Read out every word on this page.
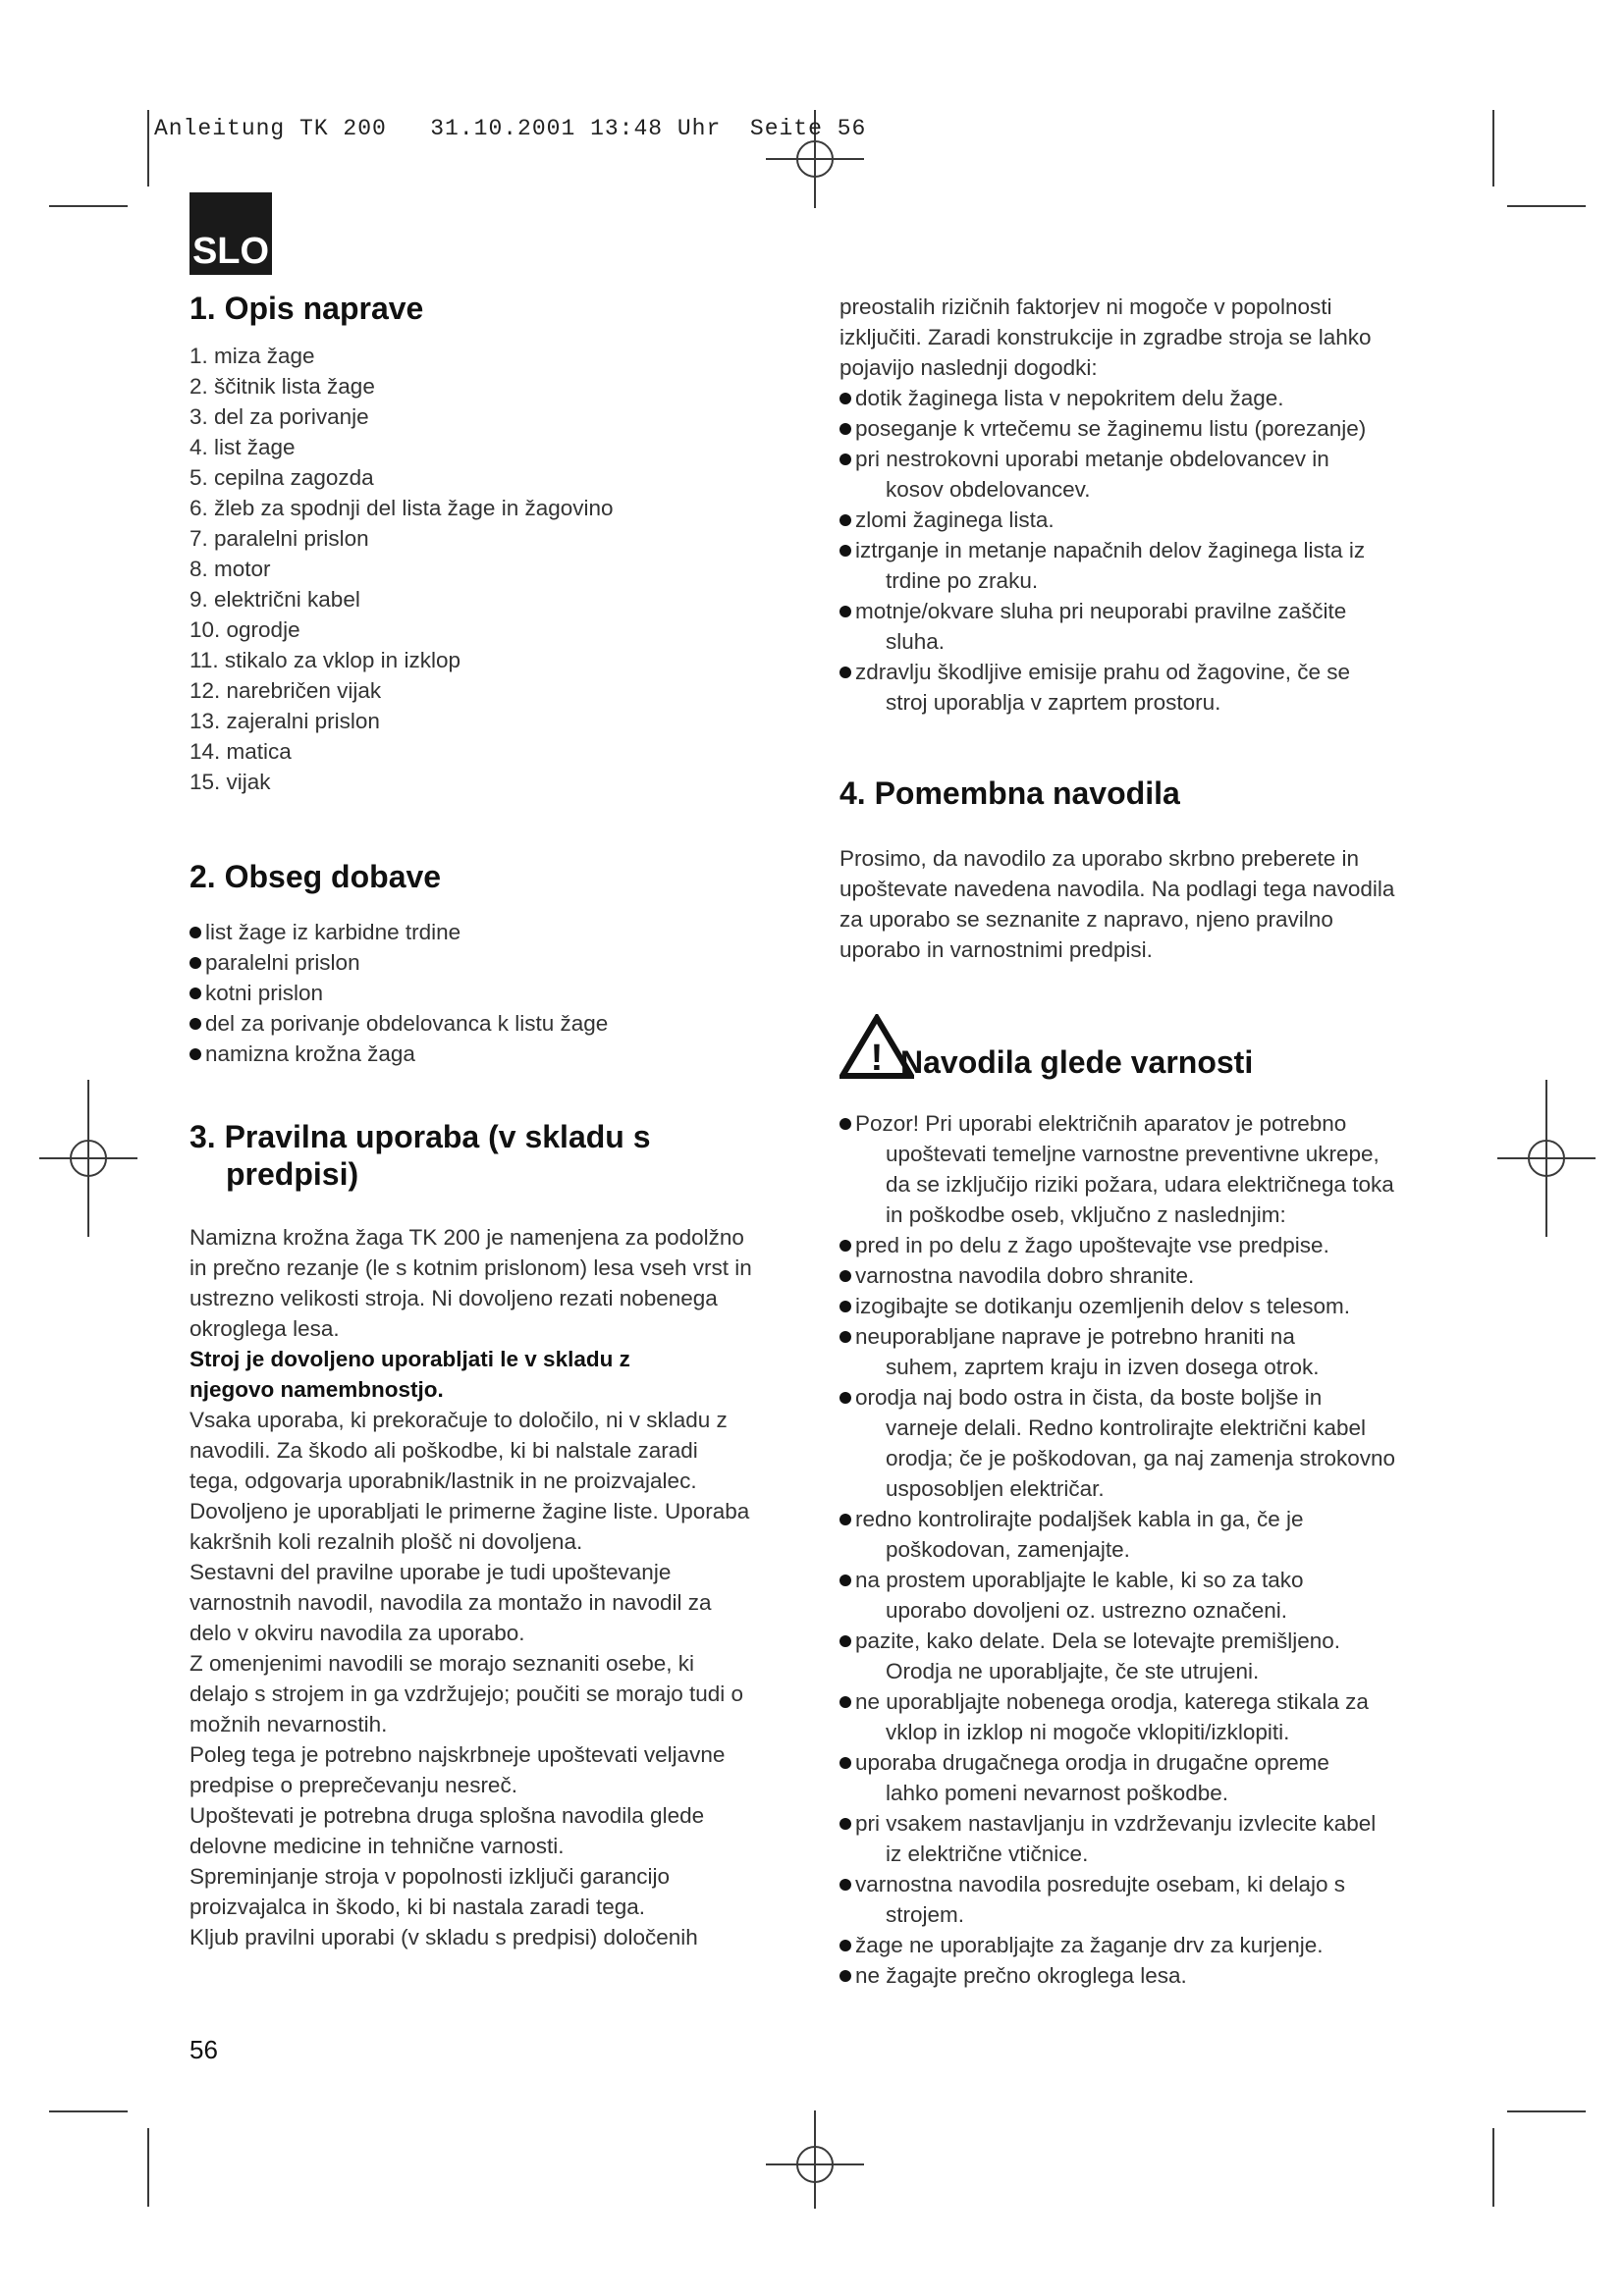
Anleitung TK 200   31.10.2001 13:48 Uhr  Seite 56
SLO
1. Opis naprave
1. miza žage
2. ščitnik lista žage
3. del za porivanje
4. list žage
5. cepilna zagozda
6. žleb za spodnji del lista žage in žagovino
7. paralelni prislon
8. motor
9. električni kabel
10. ogrodje
11. stikalo za vklop in izklop
12. narebričen vijak
13. zajeralni prislon
14. matica
15. vijak
2. Obseg dobave
list žage iz karbidne trdine
paralelni prislon
kotni prislon
del za porivanje obdelovanca k listu žage
namizna krožna žaga
3. Pravilna uporaba (v skladu s
predpisi)
Namizna krožna žaga TK 200 je namenjena za podolžno
in prečno rezanje (le s kotnim prislonom) lesa vseh vrst in
ustrezno velikosti stroja. Ni dovoljeno rezati nobenega
okroglega lesa.
Stroj je dovoljeno uporabljati le v skladu z
njegovo namembnostjo.
Vsaka uporaba, ki prekoračuje to določilo, ni v skladu z
navodili. Za škodo ali poškodbe, ki bi nalstale zaradi
tega, odgovarja uporabnik/lastnik in ne proizvajalec.
Dovoljeno je uporabljati le primerne žagine liste. Uporaba
kakršnih koli rezalnih plošč ni dovoljena.
Sestavni del pravilne uporabe je tudi upoštevanje
varnostnih navodil, navodila za montažo in navodil za
delo v okviru navodila za uporabo.
Z omenjenimi navodili se morajo seznaniti osebe, ki
delajo s strojem in ga vzdržujejo; poučiti se morajo tudi o
možnih nevarnostih.
Poleg tega je potrebno najskrbneje upoštevati veljavne
predpise o preprečevanju nesreč.
Upoštevati je potrebna druga splošna navodila glede
delovne medicine in tehnične varnosti.
Spreminjanje stroja v popolnosti izključi garancijo
proizvajalca in škodo, ki bi nastala zaradi tega.
Kljub pravilni uporabi (v skladu s predpisi) določenih
preostalih rizičnih faktorjev ni mogoče v popolnosti
izključiti. Zaradi konstrukcije in zgradbe stroja se lahko
pojavijo naslednji dogodki:
dotik žaginega lista v nepokritem delu žage.
poseganje k vrtečemu se žaginemu listu (porezanje)
pri nestrokovni uporabi metanje obdelovancev in
kosov obdelovancev.
zlomi žaginega lista.
iztrganje in metanje napačnih delov žaginega lista iz
trdine po zraku.
motnje/okvare sluha pri neuporabi pravilne zaščite
sluha.
zdravlju škodljive emisije prahu od žagovine, če se
stroj uporablja v zaprtem prostoru.
4. Pomembna navodila
Prosimo, da navodilo za uporabo skrbno preberete in
upoštevate navedena navodila. Na podlagi tega navodila
za uporabo se seznanite z napravo, njeno pravilno
uporabo in varnostnimi predpisi.
! Navodila glede varnosti
Pozor! Pri uporabi električnih aparatov je potrebno
upoštevati temeljne varnostne preventivne ukrepe,
da se izključijo riziki požara, udara električnega toka
in poškodbe oseb, vključno z naslednjim:
pred in po delu z žago upoštevajte vse predpise.
varnostna navodila dobro shranite.
izogibajte se dotikanju ozemljenih delov s telesom.
neuporabljane naprave je potrebno hraniti na
suhem, zaprtem kraju in izven dosega otrok.
orodja naj bodo ostra in čista, da boste boljše in
varneje delali. Redno kontrolirajte električni kabel
orodja; če je poškodovan, ga naj zamenja strokovno
usposobljen električar.
redno kontrolirajte podaljšek kabla in ga, če je
poškodovan, zamenjajte.
na prostem uporabljajte le kable, ki so za tako
uporabo dovoljeni oz. ustrezno označeni.
pazite, kako delate. Dela se lotevajte premišljeno.
Orodja ne uporabljajte, če ste utrujeni.
ne uporabljajte nobenega orodja, katerega stikala za
vklop in izklop ni mogoče vklopiti/izklopiti.
uporaba drugačnega orodja in drugačne opreme
lahko pomeni nevarnost poškodbe.
pri vsakem nastavljanju in vzdrževanju izvlecite kabel
iz električne vtičnice.
varnostna navodila posredujte osebam, ki delajo s
strojem.
žage ne uporabljajte za žaganje drv za kurjenje.
ne žagajte prečno okroglega lesa.
56
